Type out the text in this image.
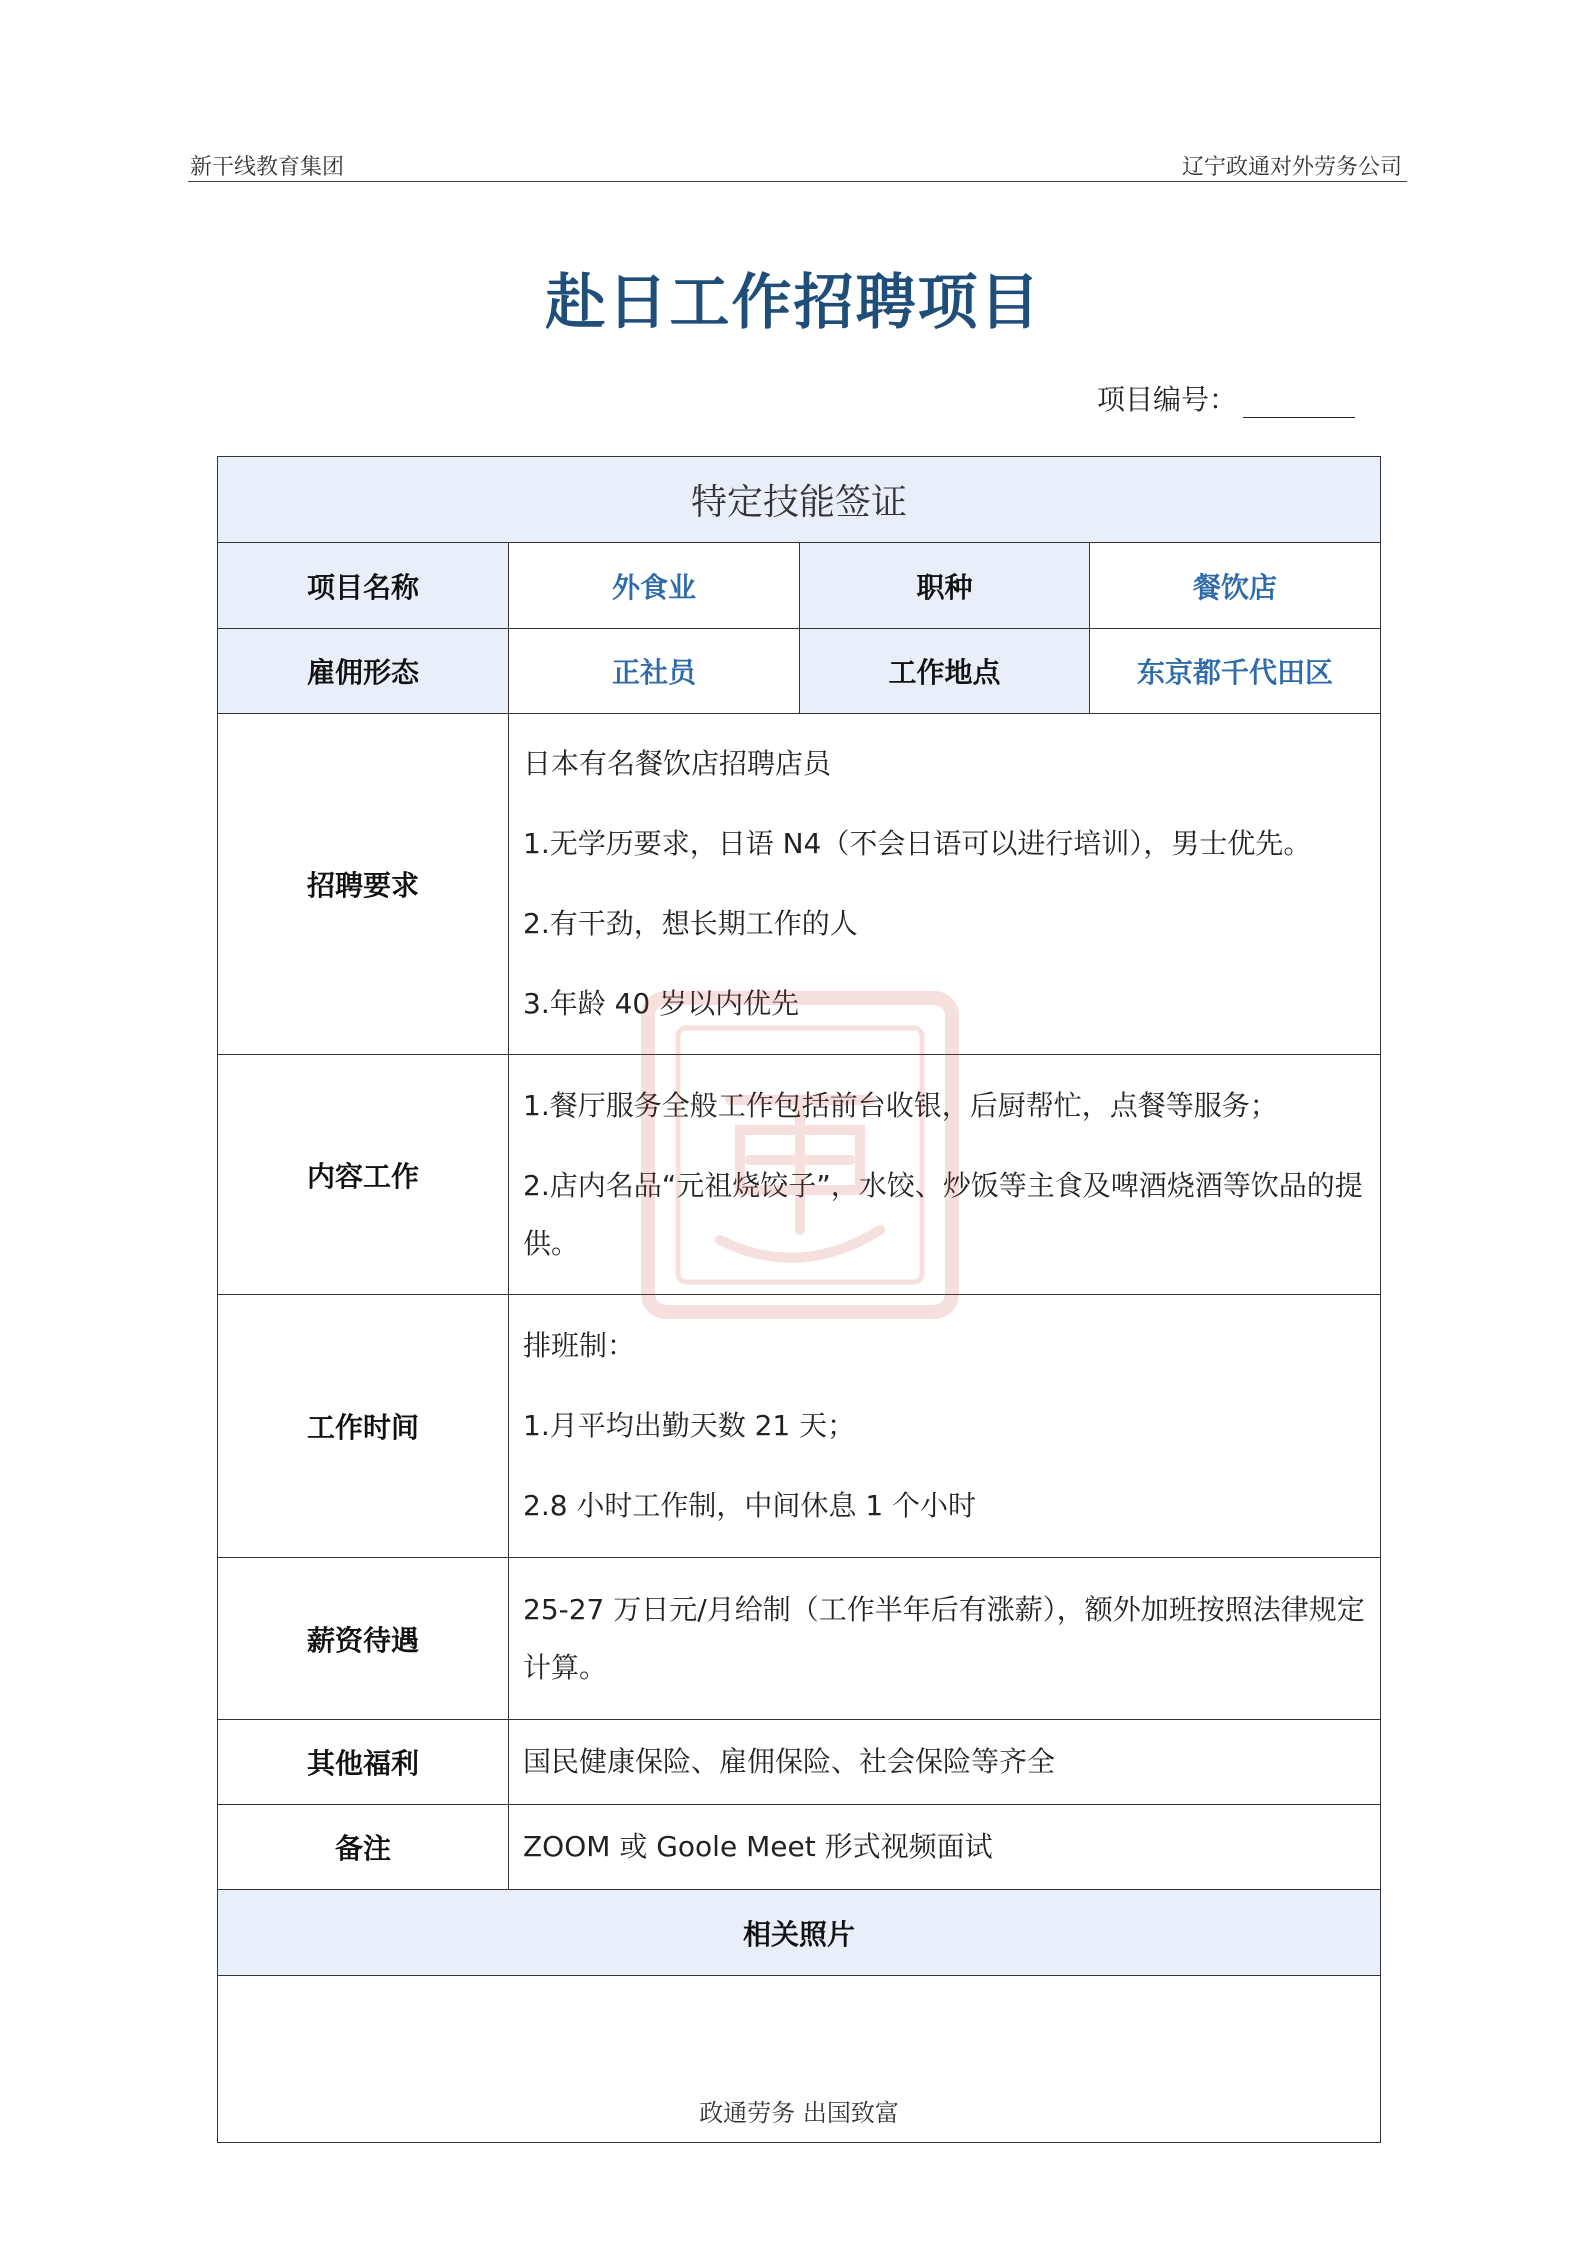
新干线教育集团	辽宁政通对外劳务公司
赴日工作招聘项目
项目编号：
特定技能签证			
项目名称	外食业	职种	餐饮店
雇佣形态	正社员	工作地点	东京都千代田区
招聘要求	日本有名餐饮店招聘店员

1.无学历要求，日语 N4（不会日语可以进行培训），男士优先。

2.有干劲，想长期工作的人

3.年龄 40 岁以内优先		

内容工作	1.餐厅服务全般工作包括前台收银，后厨帮忙，点餐等服务；

2.店内名品“元祖烧饺子”，水饺、炒饭等主食及啤酒烧酒等饮品的提供。		

工作时间	排班制：

1.月平均出勤天数 21 天；

2.8 小时工作制，中间休息 1 个小时		

薪资待遇	25-27 万日元/月给制（工作半年后有涨薪），额外加班按照法律规定计算。		

其他福利	国民健康保险、雇佣保险、社会保险等齐全		

备注	ZOOM 或 Goole Meet 形式视频面试		

相关照片			

政通劳务 出国致富			
